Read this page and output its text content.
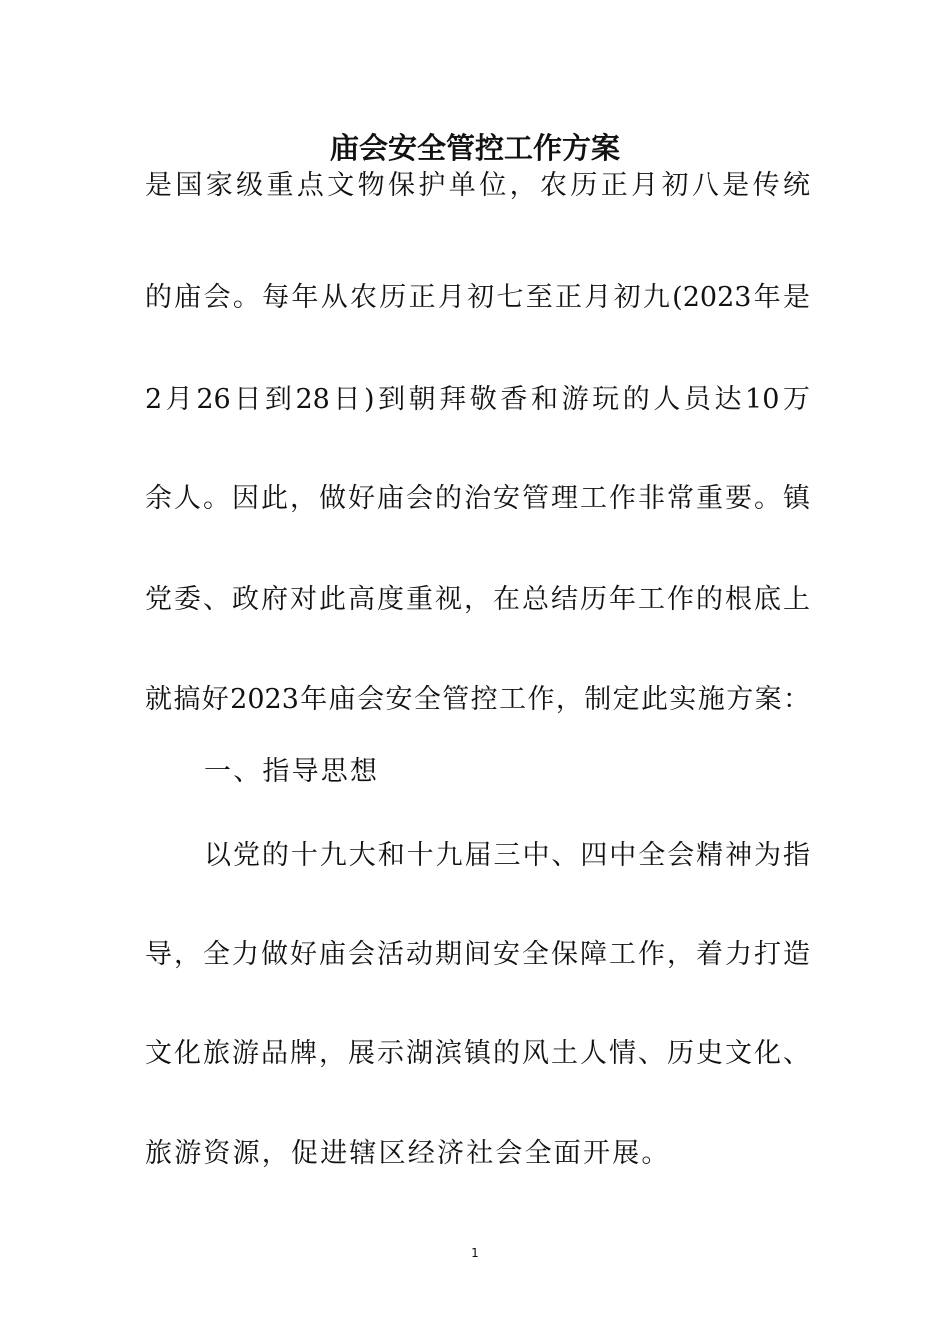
庙会安全管控工作方案
是国家级重点文物保护单位，农历正月初八是传统
的庙会。每年从农历正月初七至正月初九(2023年是
2月26日到28日)到朝拜敬香和游玩的人员达10万
余人。因此，做好庙会的治安管理工作非常重要。镇
党委、政府对此高度重视，在总结历年工作的根底上
就搞好2023年庙会安全管控工作，制定此实施方案：
一、指导思想
以党的十九大和十九届三中、四中全会精神为指
导，全力做好庙会活动期间安全保障工作，着力打造
文化旅游品牌，展示湖滨镇的风土人情、历史文化、
旅游资源，促进辖区经济社会全面开展。
1
